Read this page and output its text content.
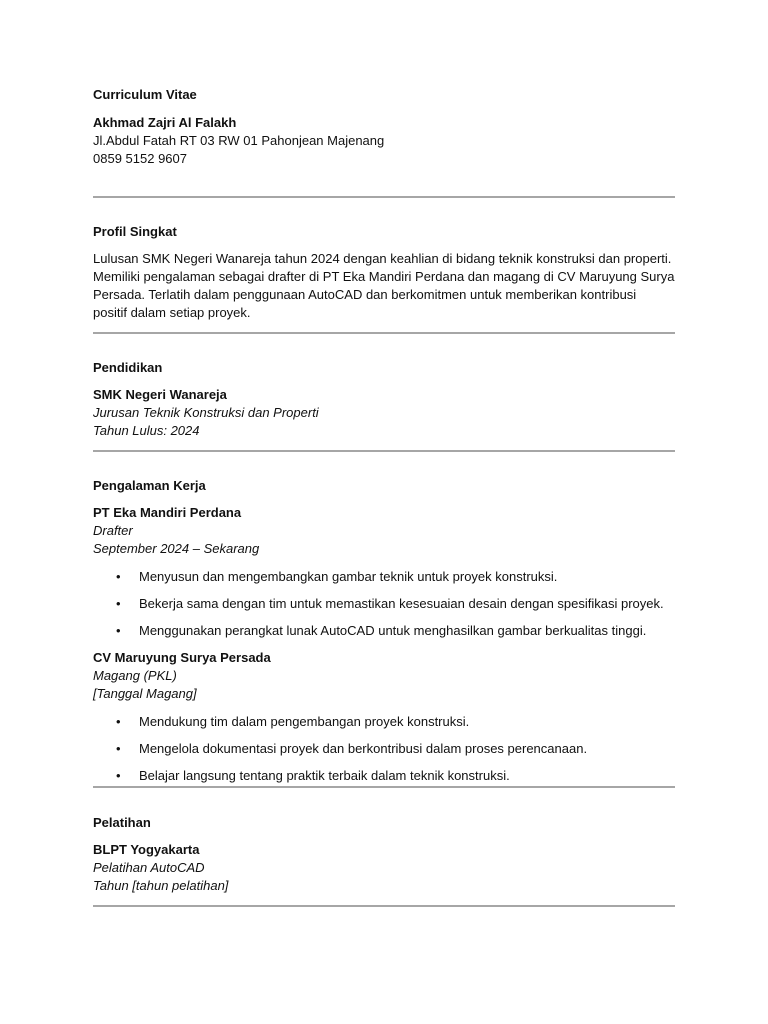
Curriculum Vitae
Akhmad Zajri Al Falakh
Jl.Abdul Fatah RT 03 RW 01 Pahonjean Majenang
0859 5152 9607
Profil Singkat
Lulusan SMK Negeri Wanareja tahun 2024 dengan keahlian di bidang teknik konstruksi dan properti.
Memiliki pengalaman sebagai drafter di PT Eka Mandiri Perdana dan magang di CV Maruyung Surya
Persada. Terlatih dalam penggunaan AutoCAD dan berkomitmen untuk memberikan kontribusi
positif dalam setiap proyek.
Pendidikan
SMK Negeri Wanareja
Jurusan Teknik Konstruksi dan Properti
Tahun Lulus: 2024
Pengalaman Kerja
PT Eka Mandiri Perdana
Drafter
September 2024 – Sekarang
• Menyusun dan mengembangkan gambar teknik untuk proyek konstruksi.
• Bekerja sama dengan tim untuk memastikan kesesuaian desain dengan spesifikasi proyek.
• Menggunakan perangkat lunak AutoCAD untuk menghasilkan gambar berkualitas tinggi.
CV Maruyung Surya Persada
Magang (PKL)
[Tanggal Magang]
• Mendukung tim dalam pengembangan proyek konstruksi.
• Mengelola dokumentasi proyek dan berkontribusi dalam proses perencanaan.
• Belajar langsung tentang praktik terbaik dalam teknik konstruksi.
Pelatihan
BLPT Yogyakarta
Pelatihan AutoCAD
Tahun [tahun pelatihan]
